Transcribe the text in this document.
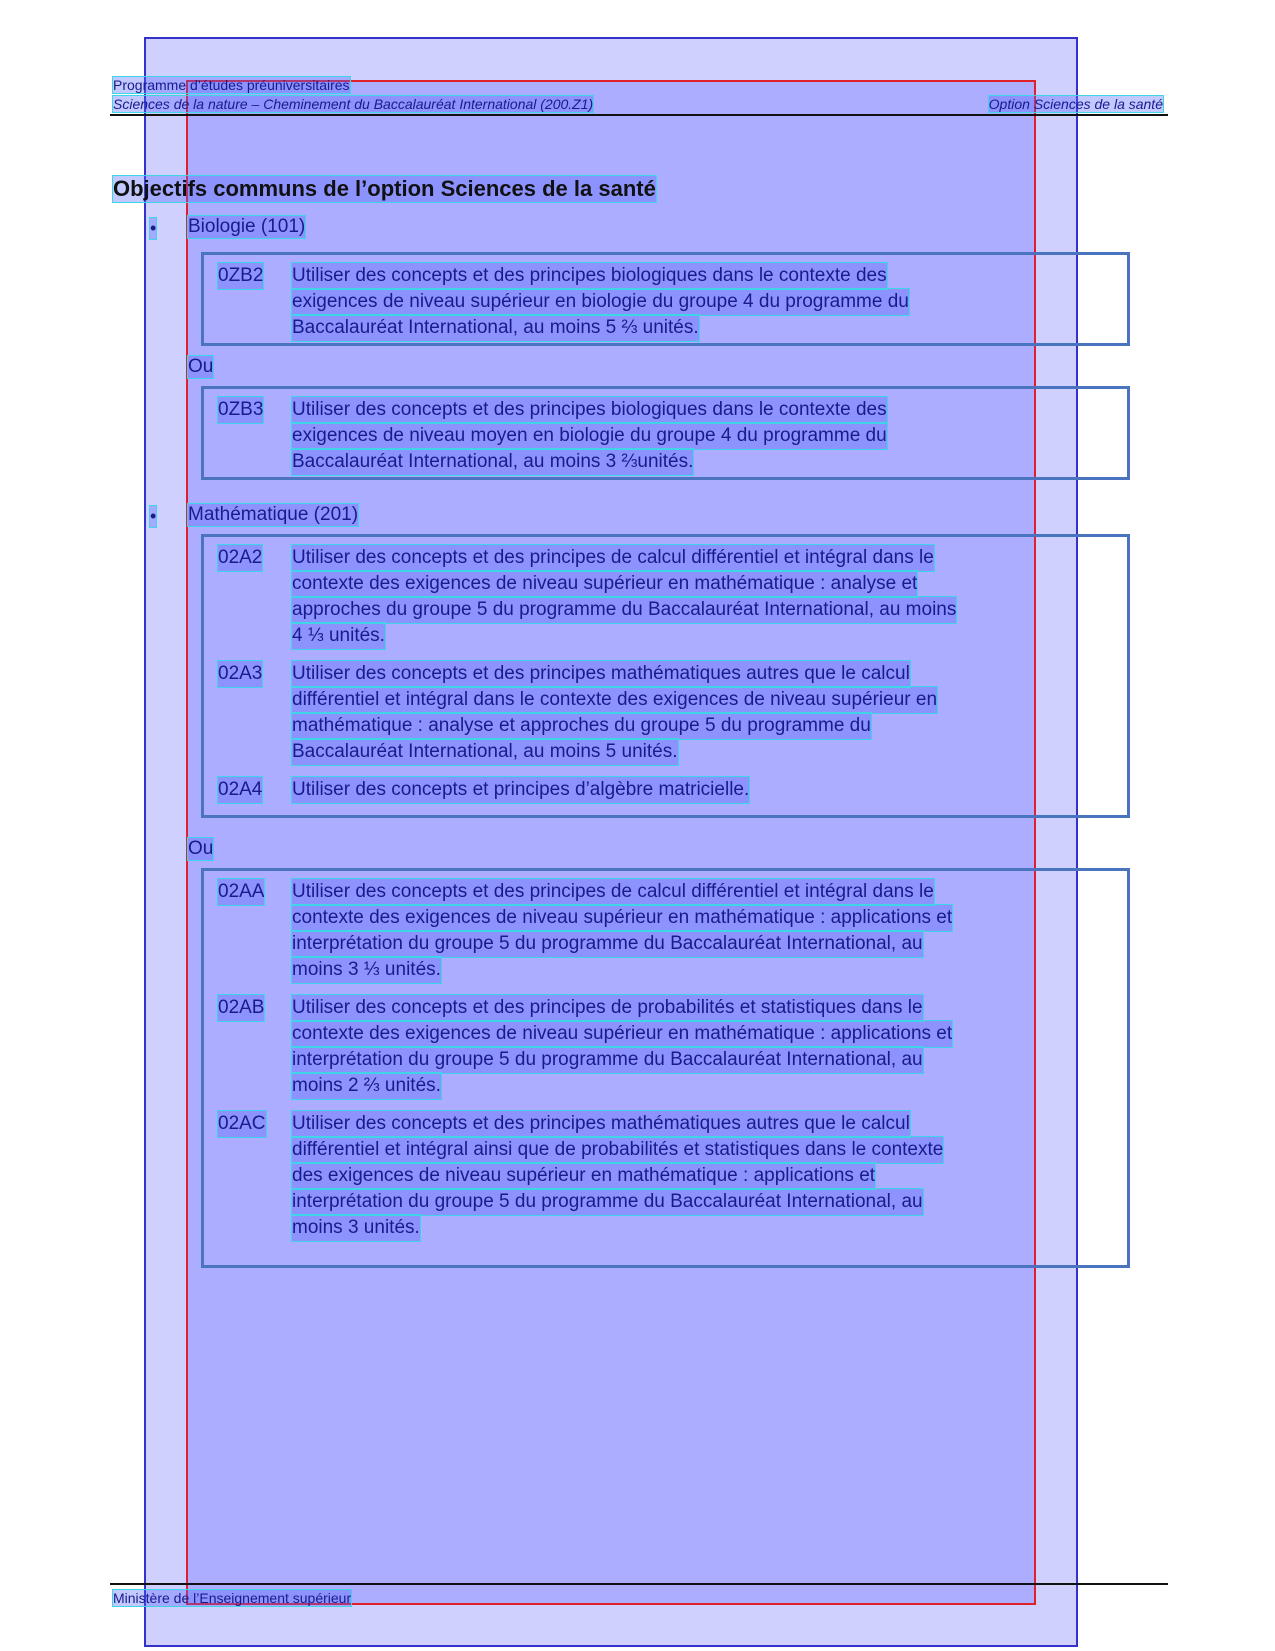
Programme d’études préuniversitaires
Sciences de la nature – Cheminement du Baccalauréat International (200.Z1)	Option Sciences de la santé
Objectifs communs de l’option Sciences de la santé
• Biologie (101)
0ZB2 Utiliser des concepts et des principes biologiques dans le contexte des
exigences de niveau supérieur en biologie du groupe 4 du programme du
Baccalauréat International, au moins 5 ⅔ unités.
Ou
0ZB3 Utiliser des concepts et des principes biologiques dans le contexte des
exigences de niveau moyen en biologie du groupe 4 du programme du
Baccalauréat International, au moins 3 ⅔unités.
• Mathématique (201)
02A2 Utiliser des concepts et des principes de calcul différentiel et intégral dans le
contexte des exigences de niveau supérieur en mathématique : analyse et
approches du groupe 5 du programme du Baccalauréat International, au moins
4 ⅓ unités.
02A3 Utiliser des concepts et des principes mathématiques autres que le calcul
différentiel et intégral dans le contexte des exigences de niveau supérieur en
mathématique : analyse et approches du groupe 5 du programme du
Baccalauréat International, au moins 5 unités.
02A4 Utiliser des concepts et principes d’algèbre matricielle.
Ou
02AA Utiliser des concepts et des principes de calcul différentiel et intégral dans le
contexte des exigences de niveau supérieur en mathématique : applications et
interprétation du groupe 5 du programme du Baccalauréat International, au
moins 3 ⅓ unités.
02AB Utiliser des concepts et des principes de probabilités et statistiques dans le
contexte des exigences de niveau supérieur en mathématique : applications et
interprétation du groupe 5 du programme du Baccalauréat International, au
moins 2 ⅔ unités.
02AC Utiliser des concepts et des principes mathématiques autres que le calcul
différentiel et intégral ainsi que de probabilités et statistiques dans le contexte
des exigences de niveau supérieur en mathématique : applications et
interprétation du groupe 5 du programme du Baccalauréat International, au
moins 3 unités.
Ministère de l’Enseignement supérieur
